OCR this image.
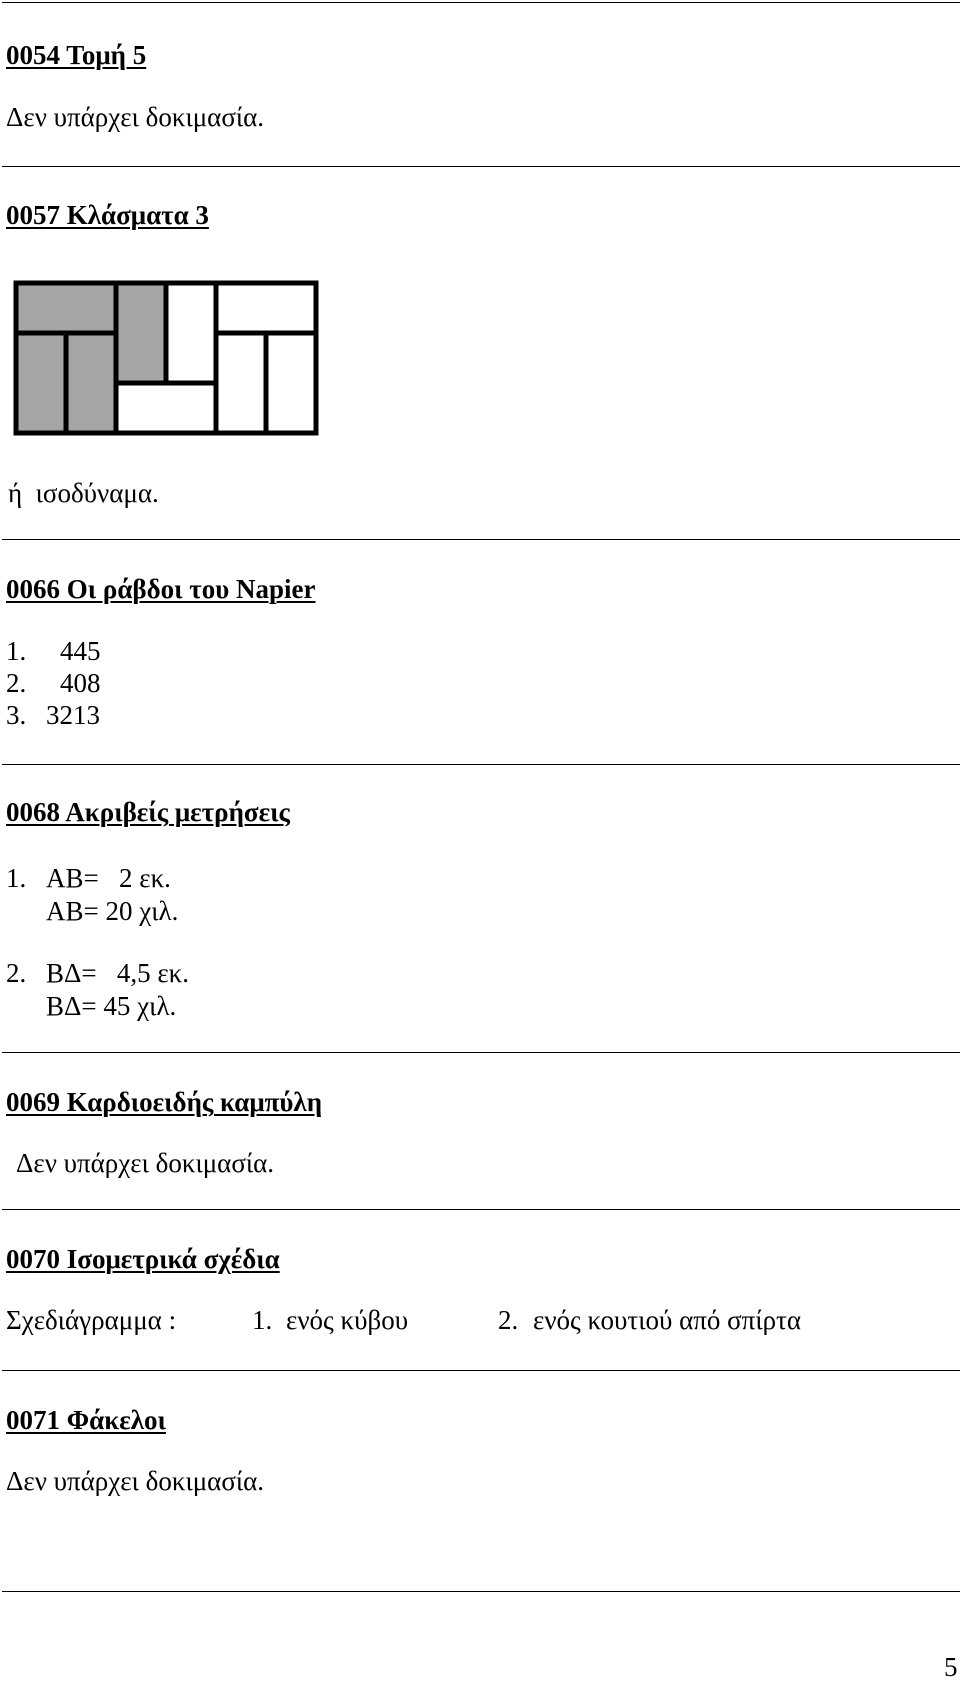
0054 Τομή 5
Δεν υπάρχει δοκιμασία.
0057 Κλάσματα 3
ή  ισοδύναμα.
0066 Οι ράβδοι του Napier
1. 445
2. 408
3. 3213
0068 Ακριβείς μετρήσεις
1. ΑΒ=   2 εκ.
ΑΒ= 20 χιλ.
2. ΒΔ=   4,5 εκ.
ΒΔ= 45 χιλ.
0069 Καρδιοειδής καμπύλη
Δεν υπάρχει δοκιμασία.
0070 Ισομετρικά σχέδια
Σχεδιάγραμμα :	1. ενός κύβου	2. ενός κουτιού από σπίρτα
0071 Φάκελοι
Δεν υπάρχει δοκιμασία.
5
